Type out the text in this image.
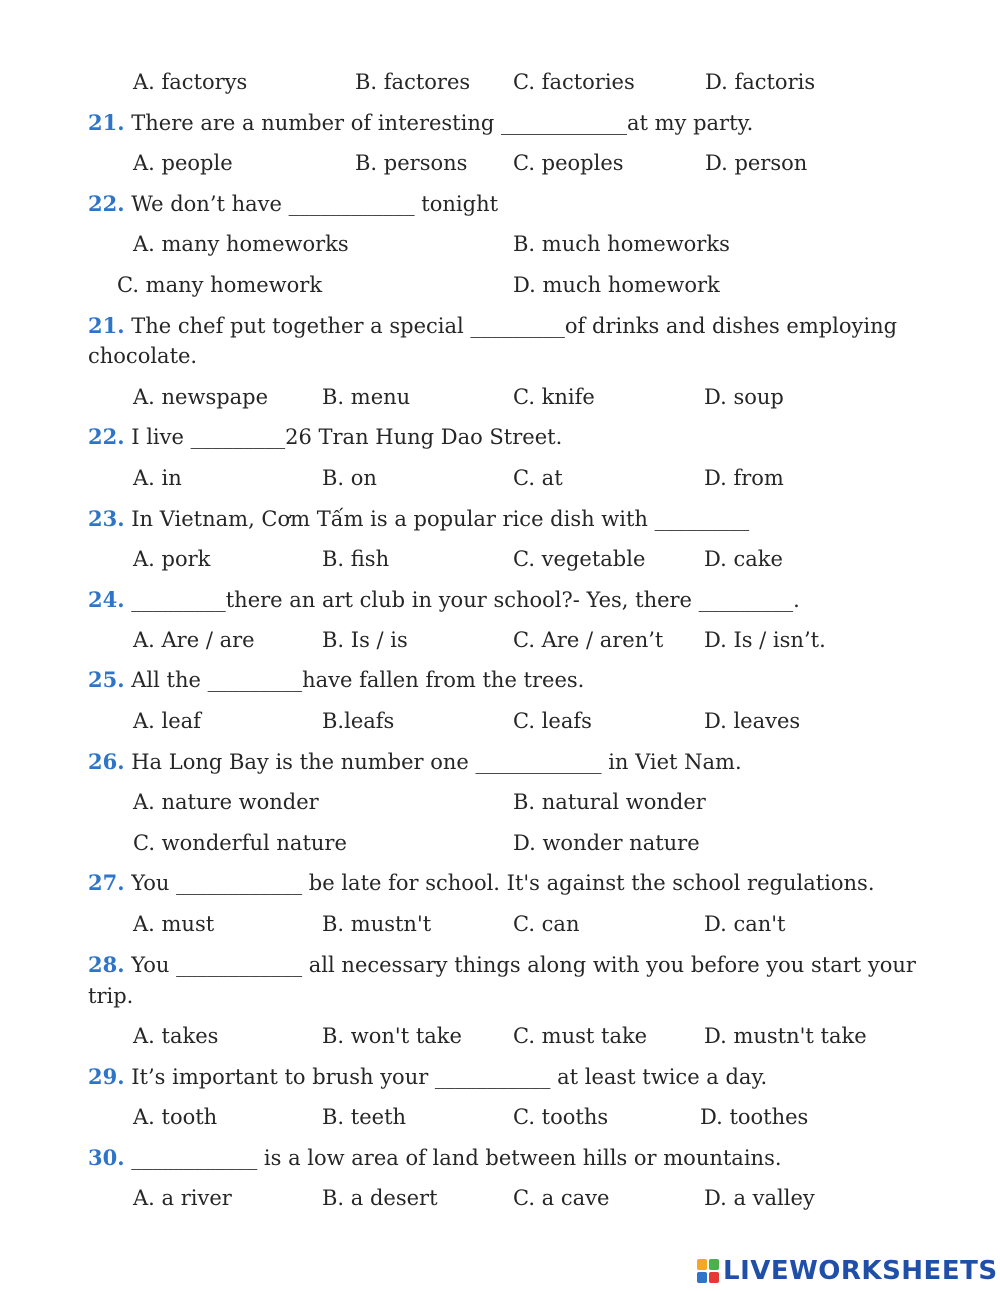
A. factorys	B. factores C. factories	D. factoris
21. There are a number of interesting ____________at my party.
A. people	B. persons C. peoples	D. person
22. We don’t have ____________ tonight
A. many homeworks	B. much homeworks
C. many homework	D. much homework
21. The chef put together a special _________of drinks and dishes employing
chocolate.
A. newspape	B. menu	C. knife	D. soup
22. I live _________26 Tran Hung Dao Street.
A. in	B. on	C. at	D. from
23. In Vietnam, Cơm Tấm is a popular rice dish with _________
A. pork	B. fish	C. vegetable	D. cake
24. _________there an art club in your school?- Yes, there _________.
A. Are / are	B. Is / is	C. Are / aren’t D. Is / isn’t.
25. All the _________have fallen from the trees.
A. leaf	B.leafs	C. leafs	D. leaves
26. Ha Long Bay is the number one ____________ in Viet Nam.
A. nature wonder	B. natural wonder
C. wonderful nature	D. wonder nature
27. You ____________ be late for school. It's against the school regulations.
A. must	B. mustn't	C. can	D. can't
28. You ____________ all necessary things along with you before you start your
trip.
A. takes	B. won't take C. must take	D. mustn't take
29. It’s important to brush your ___________ at least twice a day.
A. tooth	B. teeth	C. tooths	D. toothes
30. ____________ is a low area of land between hills or mountains.
A. a river	B. a desert	C. a cave	D. a valley
LIVEWORKSHEETS
